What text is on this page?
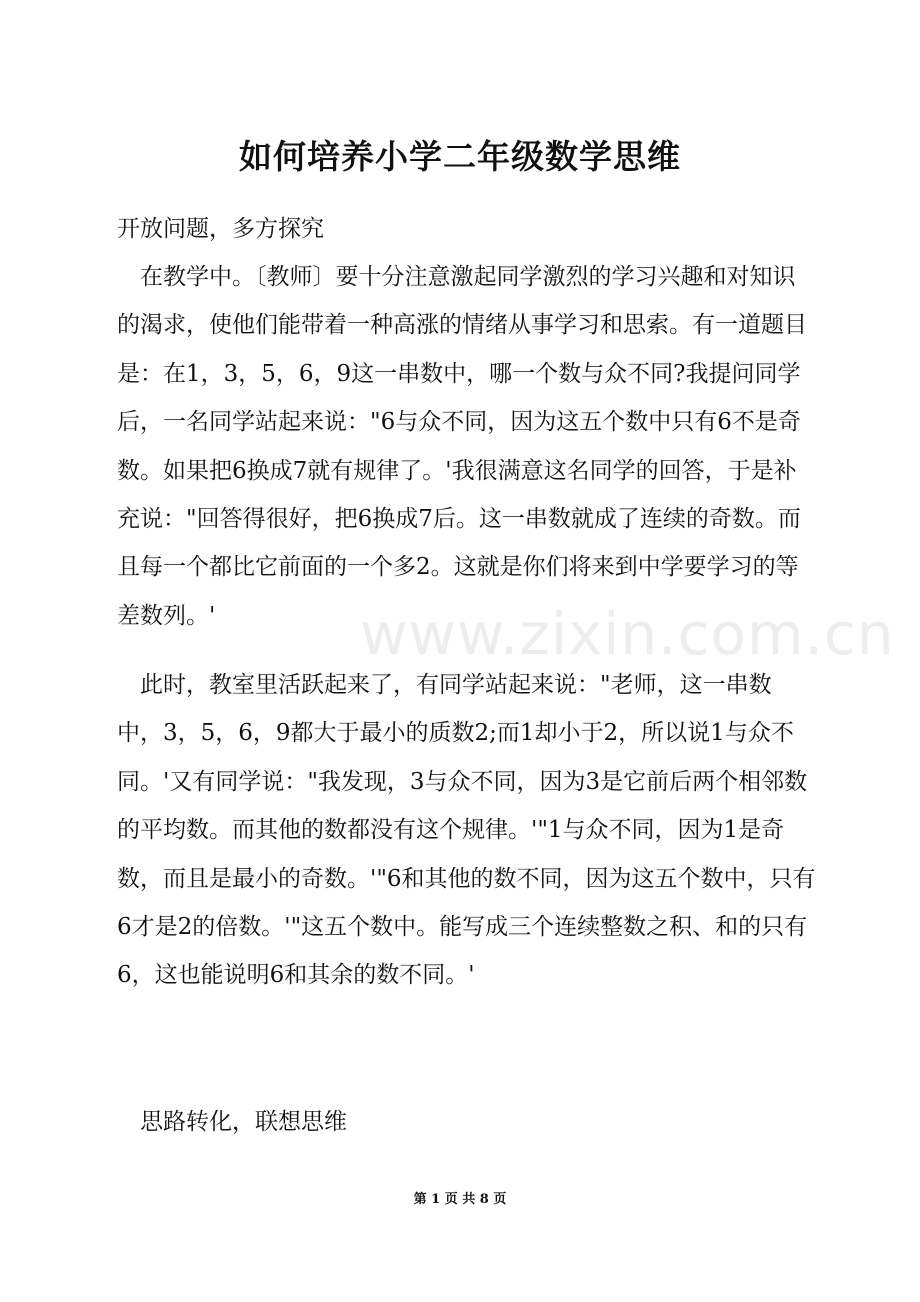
如何培养小学二年级数学思维

开放问题，多方探究

在教学中。〔教师〕要十分注意激起同学激烈的学习兴趣和对知识的渴求，使他们能带着一种高涨的情绪从事学习和思索。有一道题目是：在1，3，5，6，9这一串数中，哪一个数与众不同?我提问同学后，一名同学站起来说："6与众不同，因为这五个数中只有6不是奇数。如果把6换成7就有规律了。'我很满意这名同学的回答，于是补充说："回答得很好，把6换成7后。这一串数就成了连续的奇数。而且每一个都比它前面的一个多2。这就是你们将来到中学要学习的等差数列。'

此时，教室里活跃起来了，有同学站起来说："老师，这一串数中，3，5，6，9都大于最小的质数2;而1却小于2，所以说1与众不同。'又有同学说："我发现，3与众不同，因为3是它前后两个相邻数的平均数。而其他的数都没有这个规律。'"1与众不同，因为1是奇数，而且是最小的奇数。'"6和其他的数不同，因为这五个数中，只有6才是2的倍数。'"这五个数中。能写成三个连续整数之积、和的只有6，这也能说明6和其余的数不同。'

思路转化，联想思维

www.zixin.com.cn

第 1 页 共 8 页
